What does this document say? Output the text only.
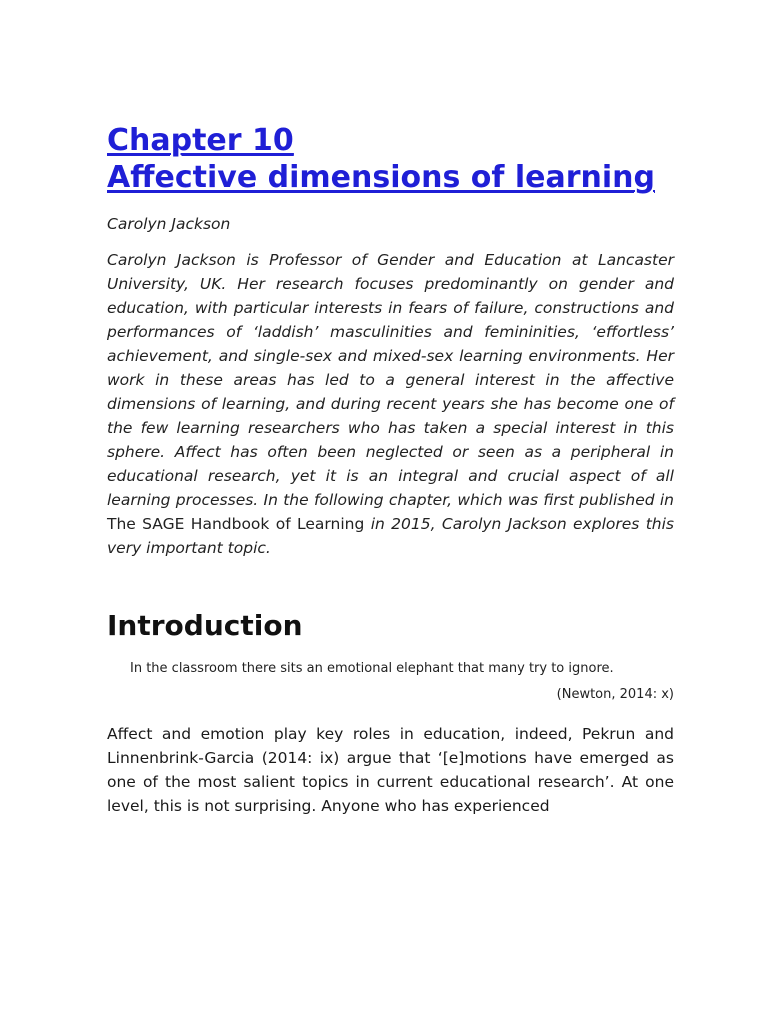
Chapter 10
Affective dimensions of learning

Carolyn Jackson

Carolyn Jackson is Professor of Gender and Education at Lancaster University, UK. Her research focuses predominantly on gender and education, with particular interests in fears of failure, constructions and performances of ‘laddish’ masculinities and femininities, ‘effortless’ achievement, and single-sex and mixed-sex learning environments. Her work in these areas has led to a general interest in the affective dimensions of learning, and during recent years she has become one of the few learning researchers who has taken a special interest in this sphere. Affect has often been neglected or seen as a peripheral in educational research, yet it is an integral and crucial aspect of all learning processes. In the following chapter, which was first published in The SAGE Handbook of Learning in 2015, Carolyn Jackson explores this very important topic.

Introduction

In the classroom there sits an emotional elephant that many try to ignore.

(Newton, 2014: x)

Affect and emotion play key roles in education, indeed, Pekrun and Linnenbrink-Garcia (2014: ix) argue that ‘[e]motions have emerged as one of the most salient topics in current educational research’. At one level, this is not surprising. Anyone who has experienced
